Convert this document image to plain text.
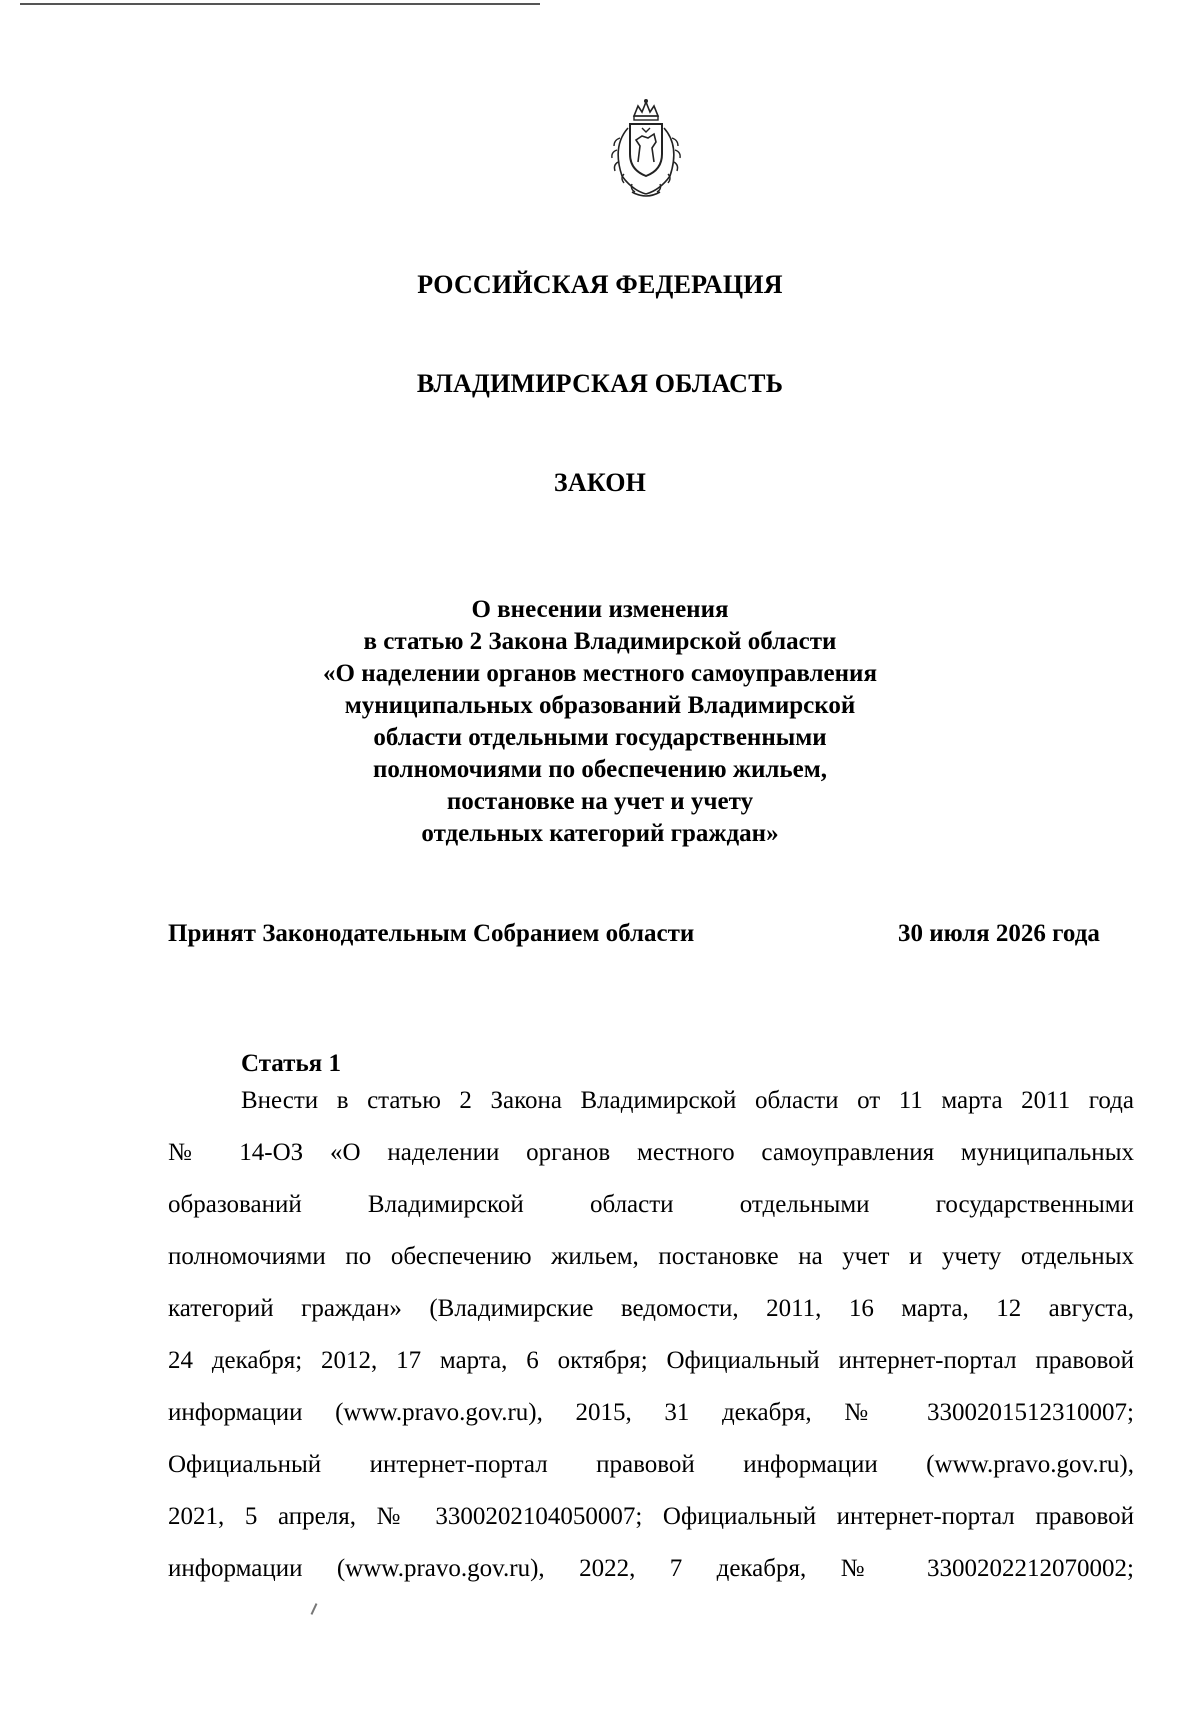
РОССИЙСКАЯ ФЕДЕРАЦИЯ
ВЛАДИМИРСКАЯ ОБЛАСТЬ
ЗАКОН
О внесении изменения
в статью 2 Закона Владимирской области
«О наделении органов местного самоуправления
муниципальных образований Владимирской
области отдельными государственными
полномочиями по обеспечению жильем,
постановке на учет и учету
отдельных категорий граждан»
Принят Законодательным Собранием области	30 июля 2026 года
Статья 1
Внести в статью 2 Закона Владимирской области от 11 марта 2011 года
№ 14-ОЗ «О наделении органов местного самоуправления муниципальных
образований Владимирской области отдельными государственными
полномочиями по обеспечению жильем, постановке на учет и учету отдельных
категорий граждан» (Владимирские ведомости, 2011, 16 марта, 12 августа,
24 декабря; 2012, 17 марта, 6 октября; Официальный интернет-портал правовой
информации (www.pravo.gov.ru), 2015, 31 декабря, № 3300201512310007;
Официальный интернет-портал правовой информации (www.pravo.gov.ru),
2021, 5 апреля, № 3300202104050007; Официальный интернет-портал правовой
информации (www.pravo.gov.ru), 2022, 7 декабря, № 3300202212070002;
